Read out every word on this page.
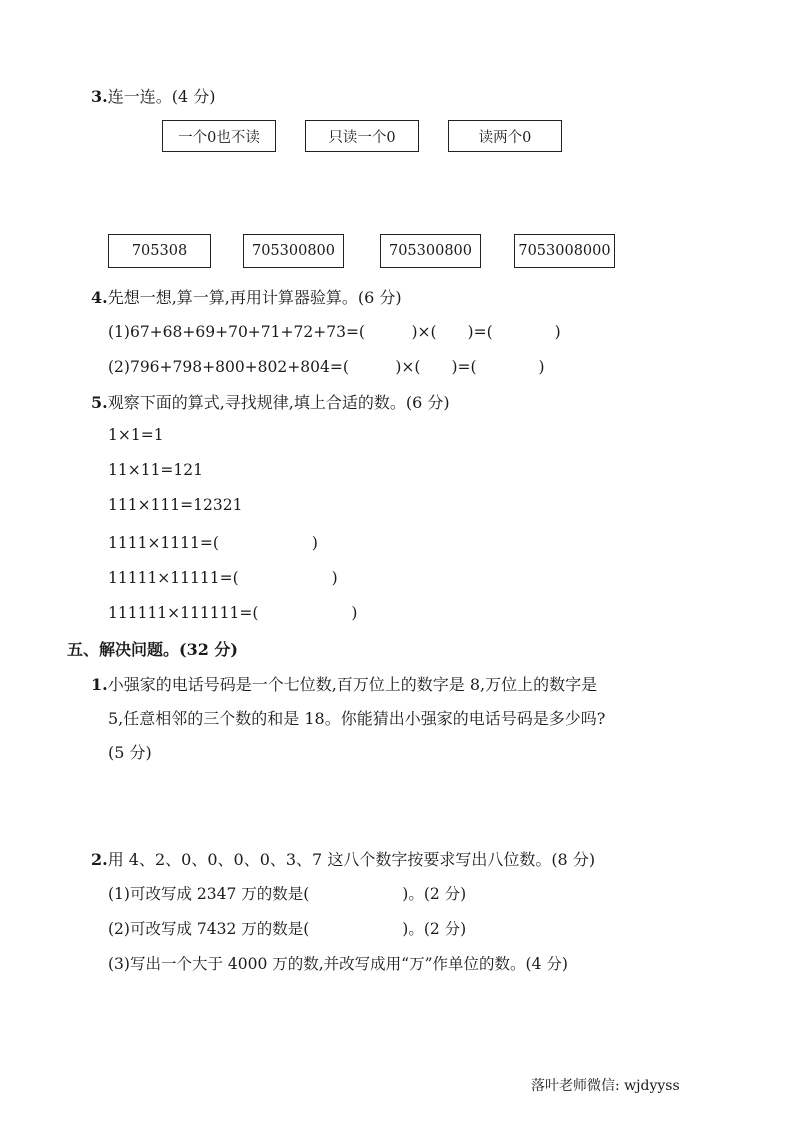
3.连一连。(4 分)
一个0也不读	只读一个0	读两个0
705308	705300800	705300800	7053008000
4.先想一想,算一算,再用计算器验算。(6 分)
(1)67+68+69+70+71+72+73=(　　　)×(　　)=(　　　　)
(2)796+798+800+802+804=(　　　)×(　　)=(　　　　)
5.观察下面的算式,寻找规律,填上合适的数。(6 分)
1×1=1
11×11=121
111×111=12321
1111×1111=(　　　　　　)
11111×11111=(　　　　　　)
111111×111111=(　　　　　　)
五、解决问题。(32 分)
1.小强家的电话号码是一个七位数,百万位上的数字是 8,万位上的数字是
5,任意相邻的三个数的和是 18。你能猜出小强家的电话号码是多少吗?
(5 分)
2.用 4、2、0、0、0、0、3、7 这八个数字按要求写出八位数。(8 分)
(1)可改写成 2347 万的数是(　　　　　　)。(2 分)
(2)可改写成 7432 万的数是(　　　　　　)。(2 分)
(3)写出一个大于 4000 万的数,并改写成用“万”作单位的数。(4 分)
落叶老师微信: wjdyyss
